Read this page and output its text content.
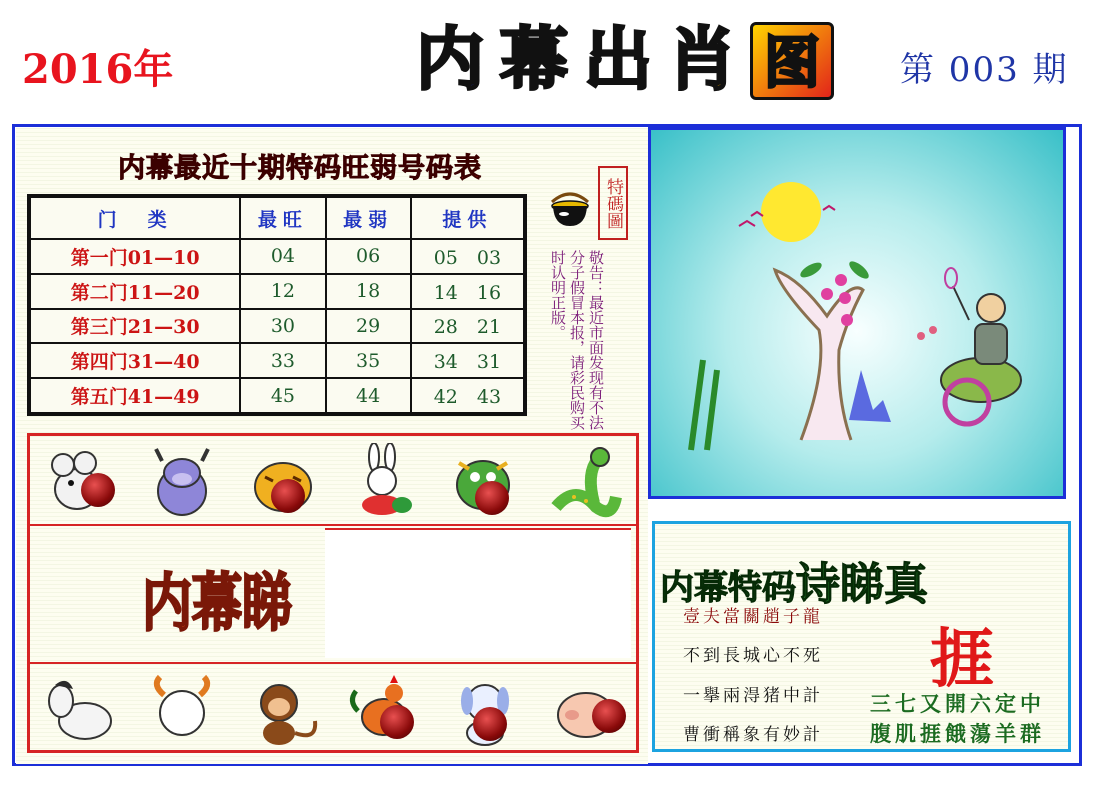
2016年	内 幕 出 肖 图	第 003 期
内幕最近十期特码旺弱号码表
门　类	最旺	最弱	提供
第一门01—10	04	06	05　03
第二门11—20	12	18	14　16
第三门21—30	30	29	28　21
第四门31—40	33	35	34　31
第五门41—49	45	44	42　43
特碼圖
敬告：最近市面发现有不法分子假冒本报，请彩民购买时认明正版。
内幕睇	内幕特码诗睇真
壹夫當關趙子龍
不到長城心不死
一擧兩淂猪中計
曹衝稱象有妙計
捱
三七又開六定中
腹肌捱餓蕩羊群
